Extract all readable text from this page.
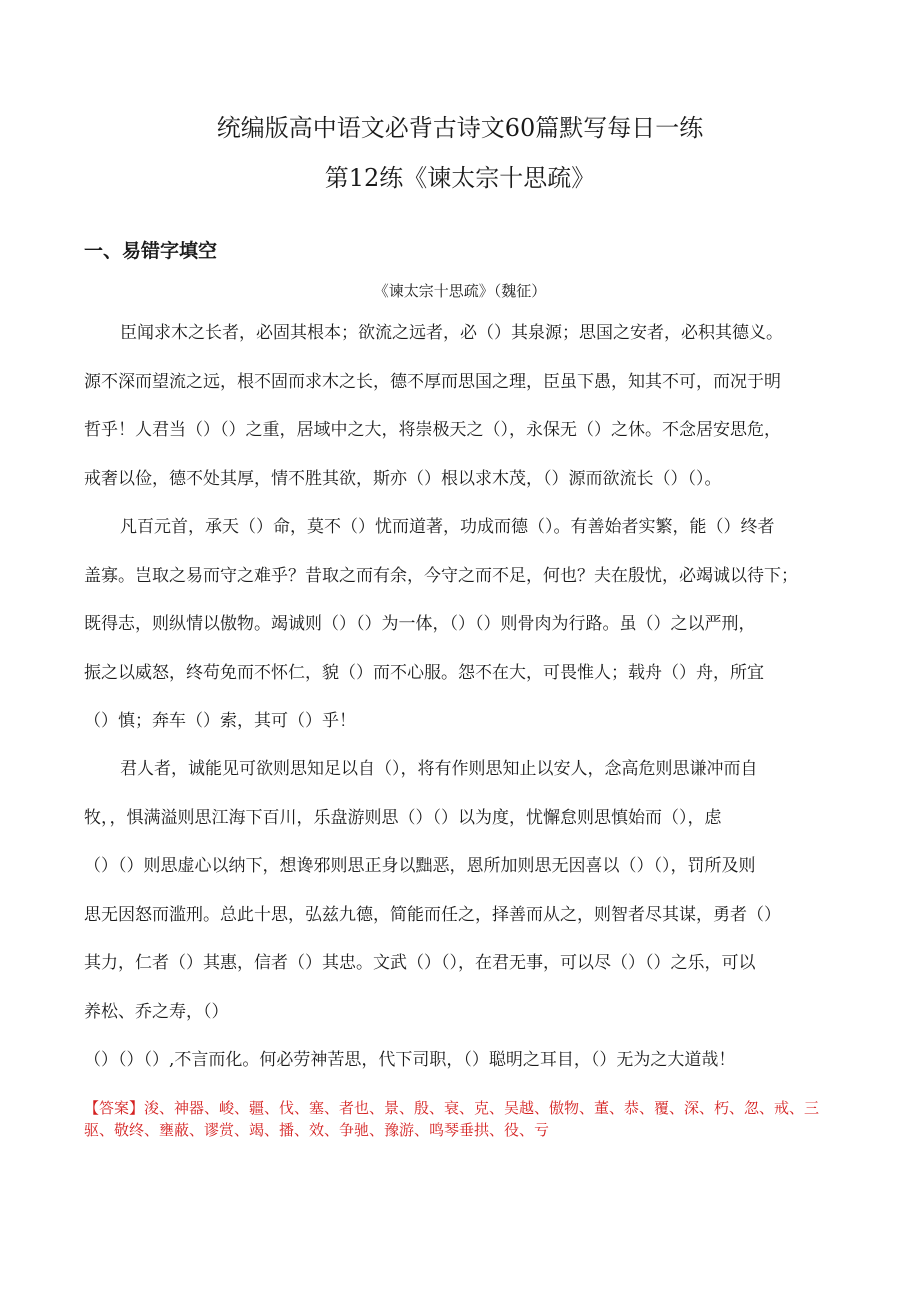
统编版高中语文必背古诗文60篇默写每日一练
第12练《谏太宗十思疏》
一、易错字填空
《谏太宗十思疏》（魏征）
臣闻求木之长者，必固其根本；欲流之远者，必（）其泉源；思国之安者，必积其德义。
源不深而望流之远，根不固而求木之长，德不厚而思国之理，臣虽下愚，知其不可，而况于明
哲乎！人君当（）（）之重，居域中之大，将崇极天之（），永保无（）之休。不念居安思危，
戒奢以俭，德不处其厚，情不胜其欲，斯亦（）根以求木茂，（）源而欲流长（）（）。
凡百元首，承天（）命，莫不（）忧而道著，功成而德（）。有善始者实繁，能（）终者
盖寡。岂取之易而守之难乎？昔取之而有余，今守之而不足，何也？夫在殷忧，必竭诚以待下；
既得志，则纵情以傲物。竭诚则（）（）为一体，（）（）则骨肉为行路。虽（）之以严刑，
振之以威怒，终苟免而不怀仁，貌（）而不心服。怨不在大，可畏惟人；载舟（）舟，所宜
（）慎；奔车（）索，其可（）乎！
君人者，诚能见可欲则思知足以自（），将有作则思知止以安人，念高危则思谦冲而自
牧，，惧满溢则思江海下百川，乐盘游则思（）（）以为度，忧懈怠则思慎始而（），虑
（）（）则思虚心以纳下，想谗邪则思正身以黜恶，恩所加则思无因喜以（）（），罚所及则
思无因怒而滥刑。总此十思，弘兹九德，简能而任之，择善而从之，则智者尽其谋，勇者（）
其力，仁者（）其惠，信者（）其忠。文武（）（），在君无事，可以尽（）（）之乐，可以
养松、乔之寿，（）
（）（）（）,不言而化。何必劳神苦思，代下司职，（）聪明之耳目，（）无为之大道哉！
【答案】浚、神器、峻、疆、伐、塞、者也、景、殷、衰、克、吴越、傲物、董、恭、覆、深、朽、忽、戒、三驱、敬终、壅蔽、谬赏、竭、播、效、争驰、豫游、鸣琴垂拱、役、亏
